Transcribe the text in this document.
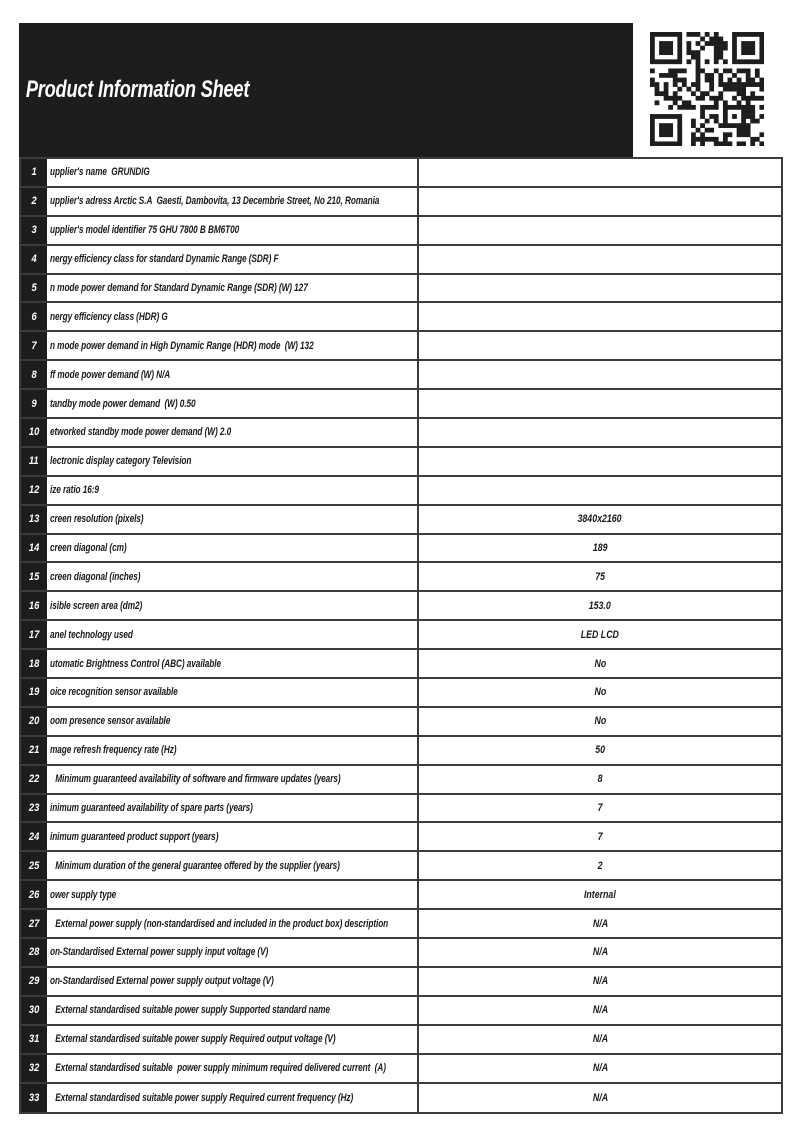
Product Information Sheet
1 upplier's name  GRUNDIG
2 upplier's adress Arctic S.A  Gaesti, Dambovita, 13 Decembrie Street, No 210, Romania
3 upplier's model identifier 75 GHU 7800 B BM6T00
4 nergy efficiency class for standard Dynamic Range (SDR) F
5 n mode power demand for Standard Dynamic Range (SDR) (W) 127
6 nergy efficiency class (HDR) G
7 n mode power demand in High Dynamic Range (HDR) mode  (W) 132
8 ff mode power demand (W) N/A
9 tandby mode power demand  (W) 0.50
10 etworked standby mode power demand (W) 2.0
11 lectronic display category Television
12 ize ratio 16:9
13 creen resolution (pixels)	3840x2160
14 creen diagonal (cm)	189
15 creen diagonal (inches)	75
16 isible screen area (dm2)	153.0
17 anel technology used	LED LCD
18 utomatic Brightness Control (ABC) available	No
19 oice recognition sensor available	No
20 oom presence sensor available	No
21 mage refresh frequency rate (Hz)	50
22	Minimum guaranteed availability of software and firmware updates (years)	8
23 inimum guaranteed availability of spare parts (years)	7
24 inimum guaranteed product support (years)	7
25	Minimum duration of the general guarantee offered by the supplier (years)	2
26 ower supply type	Internal
27	External power supply (non-standardised and included in the product box) description	N/A
28 on-Standardised External power supply input voltage (V)	N/A
29 on-Standardised External power supply output voltage (V)	N/A
30	External standardised suitable power supply Supported standard name	N/A
31	External standardised suitable power supply Required output voltage (V)	N/A
32	External standardised suitable  power supply minimum required delivered current  (A)	N/A
33	External standardised suitable power supply Required current frequency (Hz)	N/A
